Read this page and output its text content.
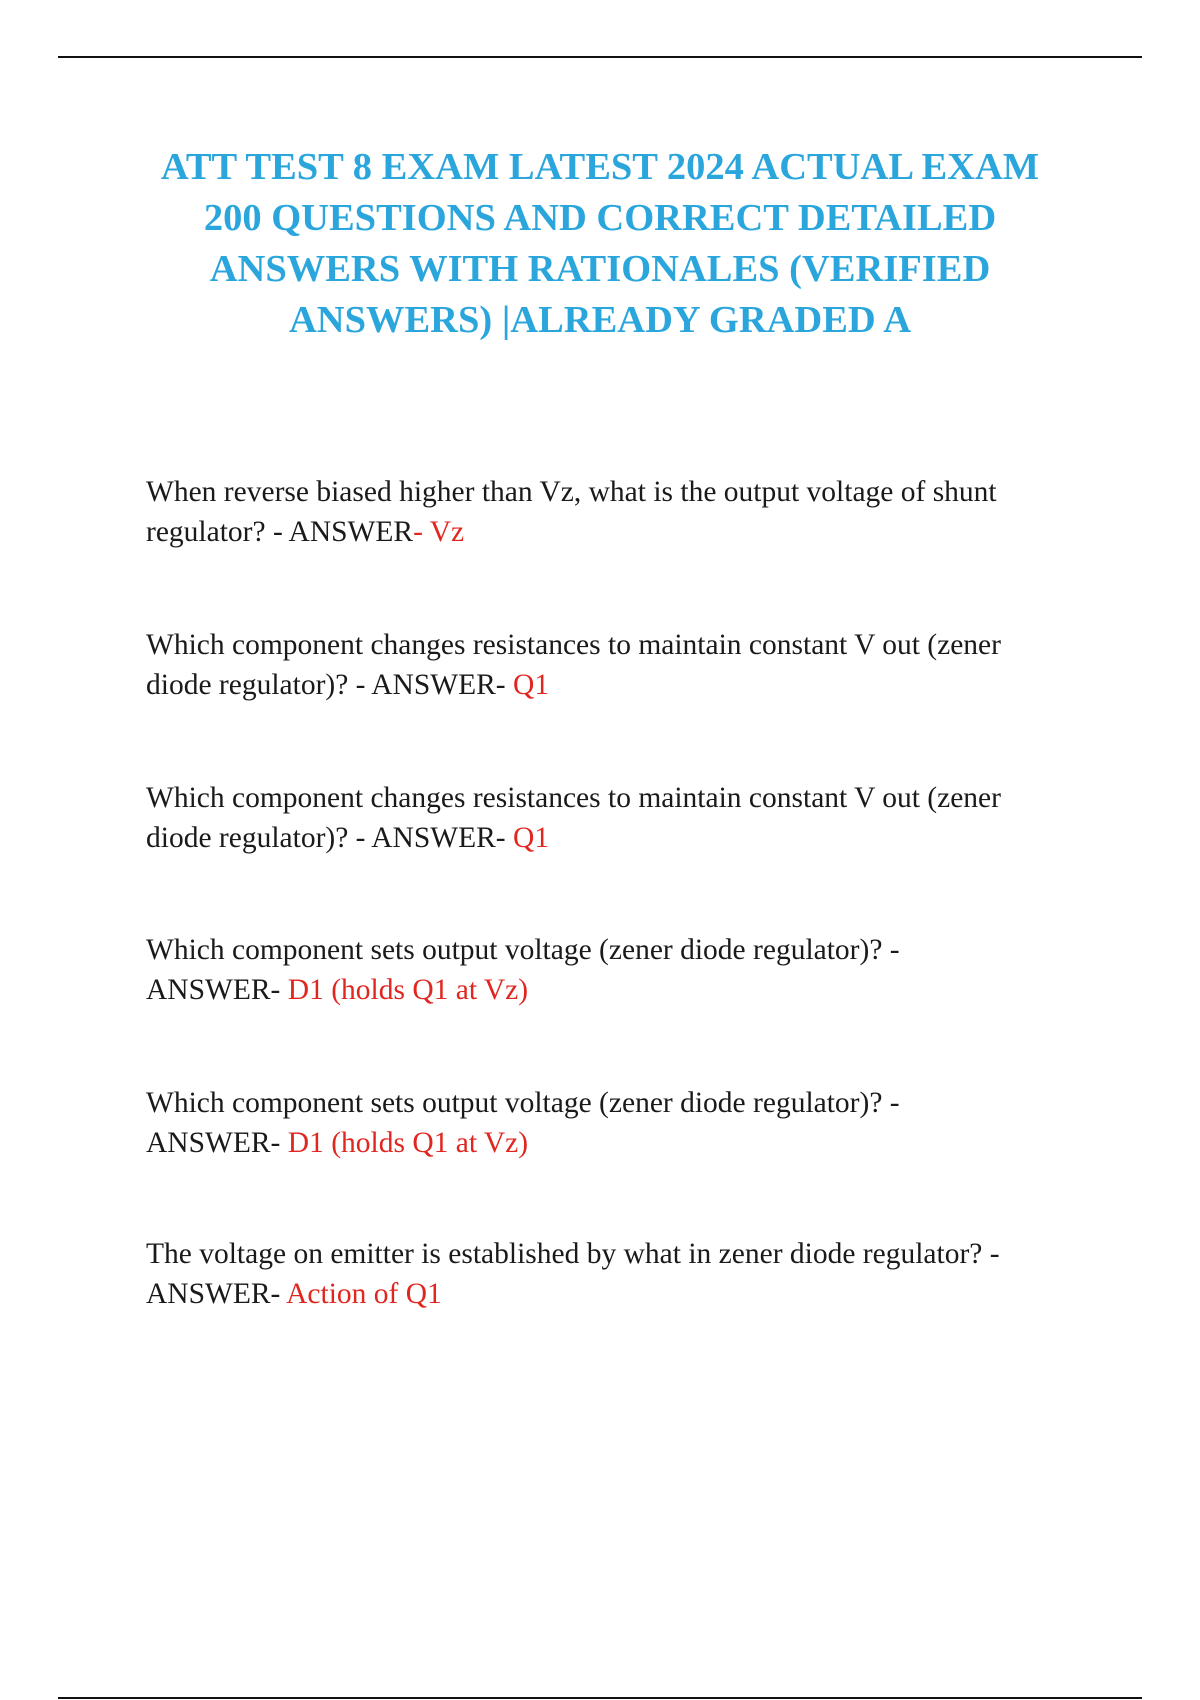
ATT TEST 8 EXAM LATEST 2024 ACTUAL EXAM
200 QUESTIONS AND CORRECT DETAILED
ANSWERS WITH RATIONALES (VERIFIED
ANSWERS) |ALREADY GRADED A

When reverse biased higher than Vz, what is the output voltage of shunt
regulator? - ANSWER- Vz

Which component changes resistances to maintain constant V out (zener
diode regulator)? - ANSWER- Q1

Which component changes resistances to maintain constant V out (zener
diode regulator)? - ANSWER- Q1

Which component sets output voltage (zener diode regulator)? -
ANSWER- D1 (holds Q1 at Vz)

Which component sets output voltage (zener diode regulator)? -
ANSWER- D1 (holds Q1 at Vz)

The voltage on emitter is established by what in zener diode regulator? -
ANSWER- Action of Q1
